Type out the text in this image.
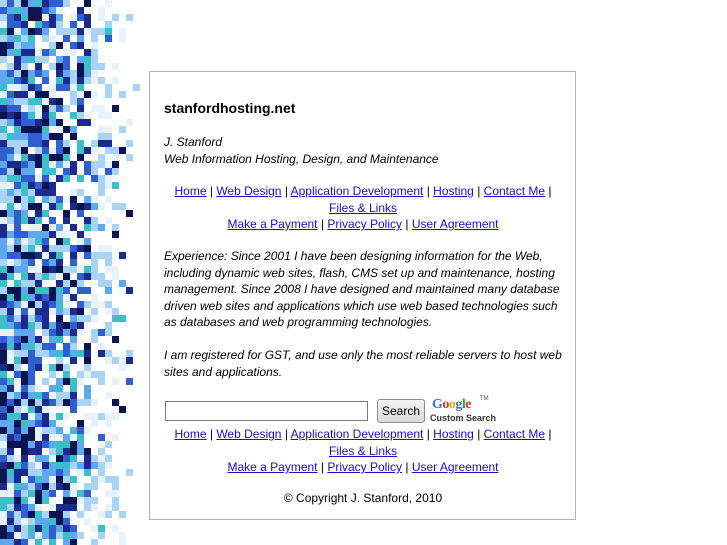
stanfordhosting.net
J. Stanford
Web Information Hosting, Design, and Maintenance
Home | Web Design | Application Development | Hosting | Contact Me |
Files & Links
Make a Payment | Privacy Policy | User Agreement

Experience: Since 2001 I have been designing information for the Web, including dynamic web sites, flash, CMS set up and maintenance, hosting management. Since 2008 I have designed and maintained many database driven web sites and applications which use web based technologies such as databases and web programming technologies.

I am registered for GST, and use only the most reliable servers to host web sites and applications.

Search Google TM
Custom Search
Home | Web Design | Application Development | Hosting | Contact Me |
Files & Links
Make a Payment | Privacy Policy | User Agreement
© Copyright J. Stanford, 2010
